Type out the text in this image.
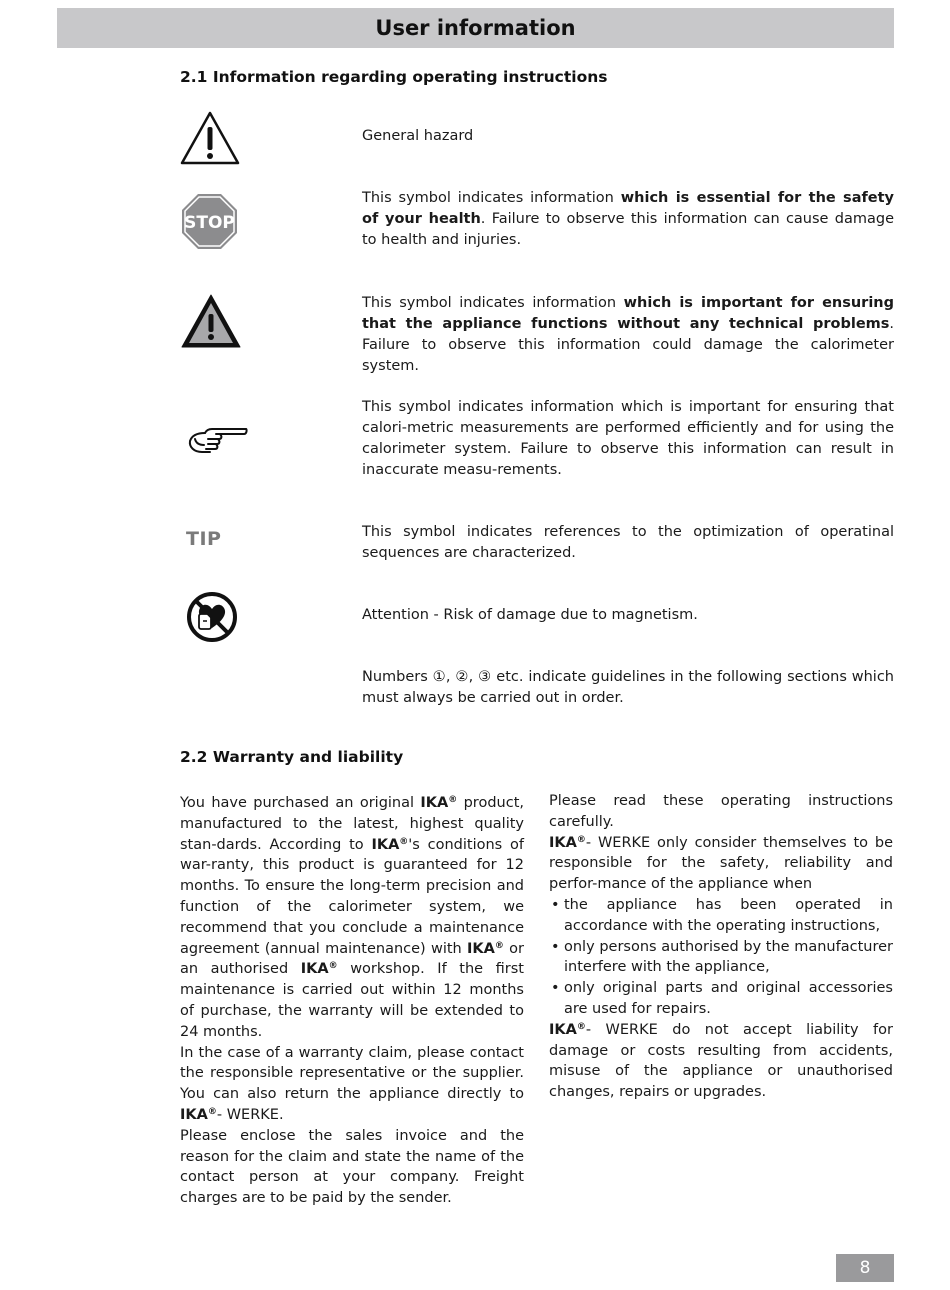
User information
2.1 Information regarding operating instructions
STOP
TIP
General hazard
This symbol indicates information which is essential for the safety of your health. Failure to observe this information can cause damage to health and injuries.
This symbol indicates information which is important for ensuring that the appliance functions without any technical problems. Failure to observe this information could damage the calorimeter system.
This symbol indicates information which is important for ensuring that calori-metric measurements are performed efficiently and for using the calorimeter system. Failure to observe this information can result in inaccurate measu-rements.
This symbol indicates references to the optimization of operatinal sequences are characterized.
Attention - Risk of damage due to magnetism.
Numbers ①, ②, ③ etc. indicate guidelines in the following sections which must always be carried out in order.
2.2 Warranty and liability

You have purchased an original IKA® product, manufactured to the latest, highest quality stan-dards. According to IKA®'s conditions of war-ranty, this product is guaranteed for 12 months. To ensure the long-term precision and function of the calorimeter system, we recommend that you conclude a maintenance agreement (annual maintenance) with IKA® or an authorised IKA® workshop. If the first maintenance is carried out within 12 months of purchase, the warranty will be extended to 24 months.

In the case of a warranty claim, please contact the responsible representative or the supplier. You can also return the appliance directly to IKA®- WERKE.

Please enclose the sales invoice and the reason for the claim and state the name of the contact person at your company. Freight charges are to be paid by the sender.

Please read these operating instructions carefully.

IKA®- WERKE only consider themselves to be responsible for the safety, reliability and perfor-mance of the appliance when

• the appliance has been operated in accordance with the operating instructions,
• only persons authorised by the manufacturer interfere with the appliance,
• only original parts and original accessories are used for repairs.

IKA®- WERKE do not accept liability for damage or costs resulting from accidents, misuse of the appliance or unauthorised changes, repairs or upgrades.

8
